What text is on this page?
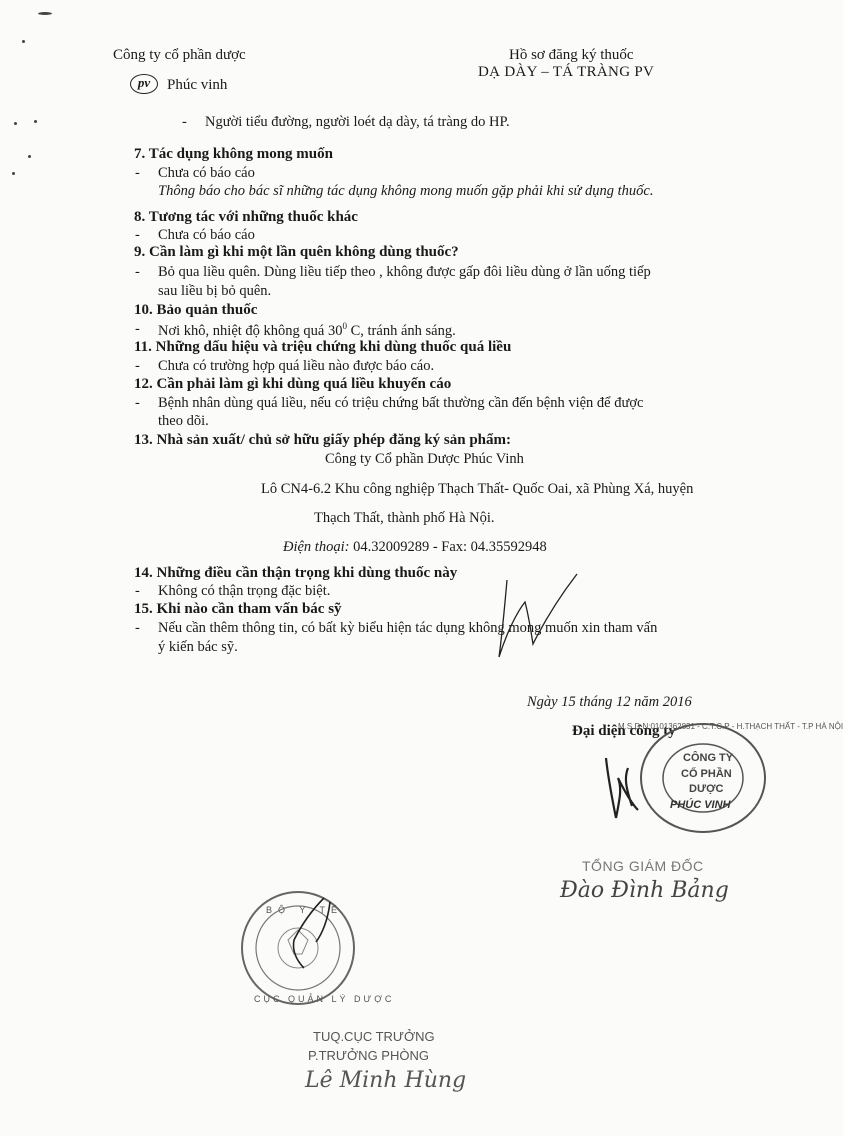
Công ty cổ phần dược
pv	Phúc vinh
Hồ sơ đăng ký thuốc
DẠ DÀY – TÁ TRÀNG PV
- Người tiểu đường, người loét dạ dày, tá tràng do HP.
7. Tác dụng không mong muốn
- Chưa có báo cáo
Thông báo cho bác sĩ những tác dụng không mong muốn gặp phải khi sử dụng thuốc.
8. Tương tác với những thuốc khác
- Chưa có báo cáo
9. Cần làm gì khi một lần quên không dùng thuốc?
- Bỏ qua liều quên. Dùng liều tiếp theo , không được gấp đôi liều dùng ở lần uống tiếp
sau liều bị bỏ quên.
10. Bảo quản thuốc
- Nơi khô, nhiệt độ không quá $30^0$ C, tránh ánh sáng.
11. Những dấu hiệu và triệu chứng khi dùng thuốc quá liều
- Chưa có trường hợp quá liều nào được báo cáo.
12. Cần phải làm gì khi dùng quá liều khuyến cáo
- Bệnh nhân dùng quá liều, nếu có triệu chứng bất thường cần đến bệnh viện để được
theo dõi.
13. Nhà sản xuất/ chủ sở hữu giấy phép đăng ký sản phẩm:
Công ty Cổ phần Dược Phúc Vinh
Lô CN4-6.2 Khu công nghiệp Thạch Thất- Quốc Oai, xã Phùng Xá, huyện
Thạch Thất, thành phố Hà Nội.
Điện thoại: 04.32009289 - Fax: 04.35592948
14. Những điều cần thận trọng khi dùng thuốc này
- Không có thận trọng đặc biệt.
15. Khi nào cần tham vấn bác sỹ
- Nếu cần thêm thông tin, có bất kỳ biểu hiện tác dụng không mong muốn xin tham vấn
ý kiến bác sỹ.
Ngày 15 tháng 12 năm 2016
Đại diện công ty
M.S.D.N:0101362831 - C.T.C.P - H.THẠCH THẤT - T.P HÀ NỘI
CÔNG TY
CỔ PHẦN
DƯỢC
PHÚC VINH
TỔNG GIÁM ĐỐC
Đào Đình Bảng
BỘ Y TẾ
CỤC QUẢN LÝ DƯỢC
TUQ.CỤC TRƯỞNG
P.TRƯỞNG PHÒNG
Lê Minh Hùng
